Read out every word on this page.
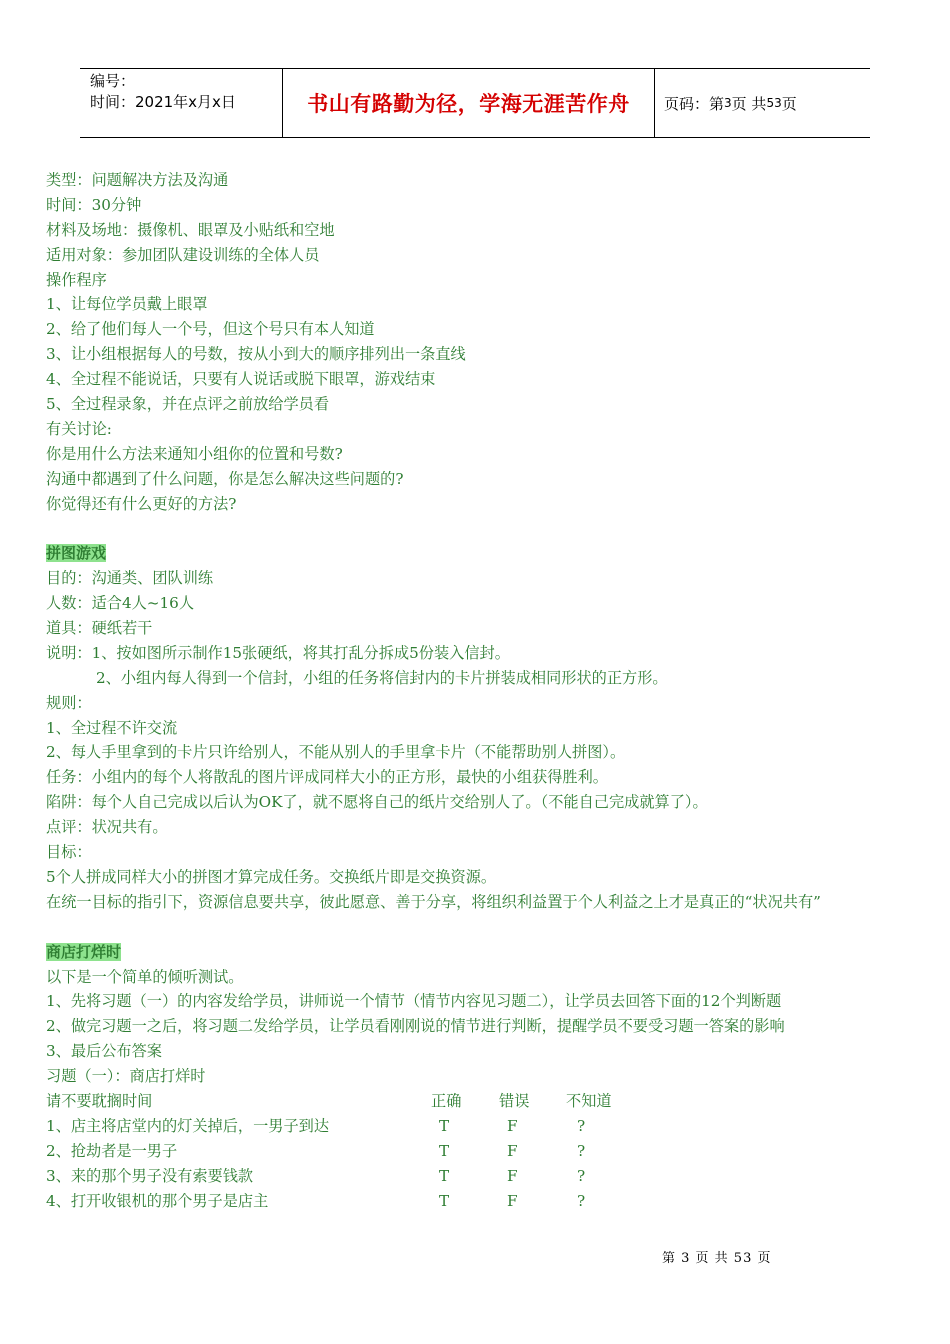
编号：
时间：2021年x月x日	书山有路勤为径，学海无涯苦作舟 页码：第 3 页 共 53 页
类型：问题解决方法及沟通
时间：30分钟
材料及场地：摄像机、眼罩及小贴纸和空地
适用对象：参加团队建设训练的全体人员
操作程序
1、让每位学员戴上眼罩
2、给了他们每人一个号，但这个号只有本人知道
3、让小组根据每人的号数，按从小到大的顺序排列出一条直线
4、全过程不能说话，只要有人说话或脱下眼罩，游戏结束
5、全过程录象，并在点评之前放给学员看
有关讨论:
你是用什么方法来通知小组你的位置和号数?
沟通中都遇到了什么问题，你是怎么解决这些问题的?
你觉得还有什么更好的方法?
拼图游戏
目的：沟通类、团队训练
人数：适合4人~16人
道具：硬纸若干
说明：1、按如图所示制作15张硬纸，将其打乱分拆成5份装入信封。
2、小组内每人得到一个信封，小组的任务将信封内的卡片拼装成相同形状的正方形。
规则：
1、全过程不许交流
2、每人手里拿到的卡片只许给别人，不能从别人的手里拿卡片（不能帮助别人拼图）。
任务：小组内的每个人将散乱的图片评成同样大小的正方形，最快的小组获得胜利。
陷阱：每个人自己完成以后认为OK了，就不愿将自己的纸片交给别人了。（不能自己完成就算了）。
点评：状况共有。
目标：
5个人拼成同样大小的拼图才算完成任务。交换纸片即是交换资源。
在统一目标的指引下，资源信息要共享，彼此愿意、善于分享，将组织利益置于个人利益之上才是真正的“状况共有”
商店打烊时
以下是一个简单的倾听测试。
1、先将习题（一）的内容发给学员，讲师说一个情节（情节内容见习题二），让学员去回答下面的12个判断题
2、做完习题一之后，将习题二发给学员，让学员看刚刚说的情节进行判断，提醒学员不要受习题一答案的影响
3、最后公布答案
习题（一）：商店打烊时
请不要耽搁时间	正确 错误 不知道
1、店主将店堂内的灯关掉后，一男子到达	T	F	?
2、抢劫者是一男子	T	F	?
3、来的那个男子没有索要钱款	T	F	?
4、打开收银机的那个男子是店主	T	F	?
第 3 页 共 53 页
